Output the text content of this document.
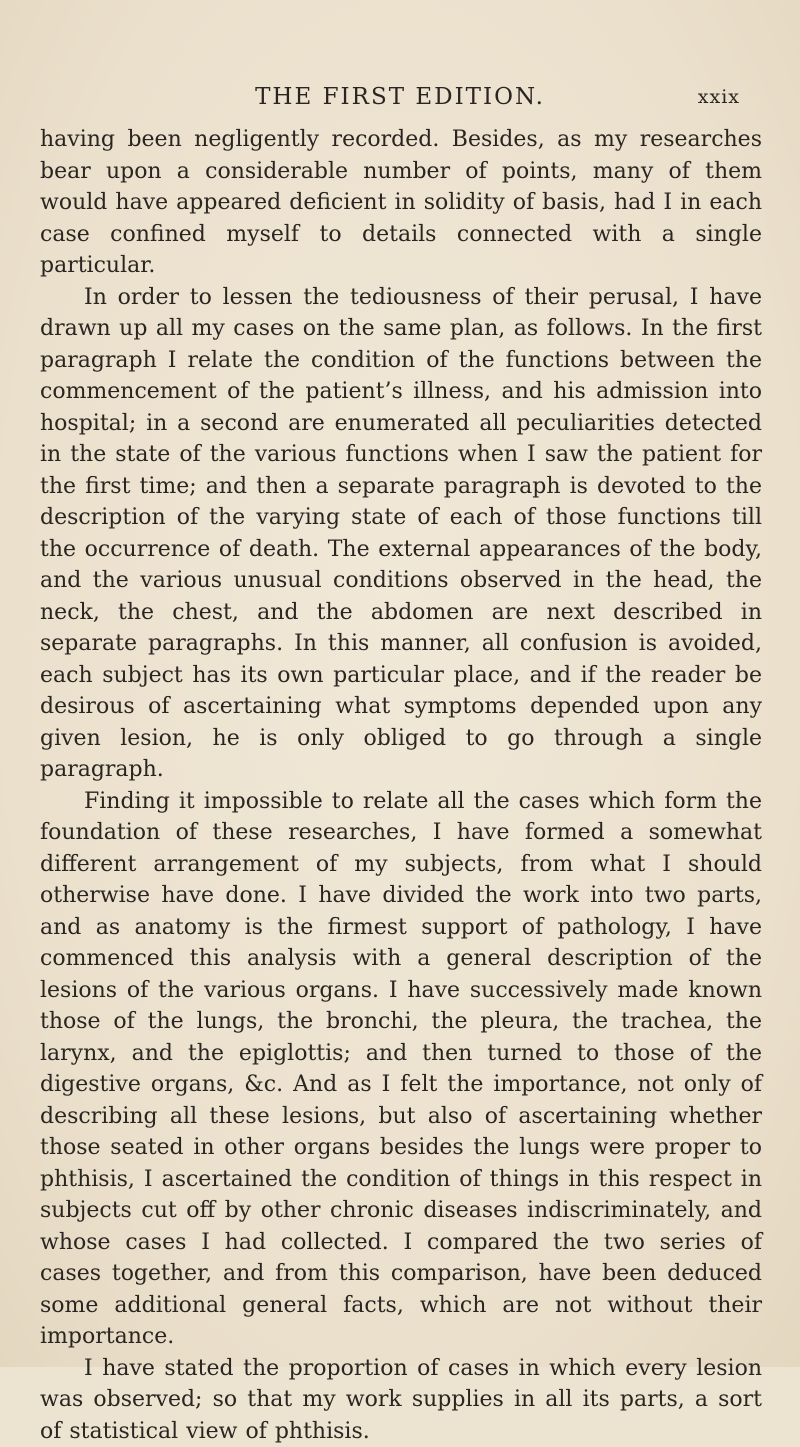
THE FIRST EDITION.	xxix

having been negligently recorded. Besides, as my researches bear upon a considerable number of points, many of them would have appeared deficient in solidity of basis, had I in each case confined myself to details connected with a single particular.

In order to lessen the tediousness of their perusal, I have drawn up all my cases on the same plan, as follows. In the first paragraph I relate the condition of the functions between the commencement of the patient’s illness, and his admission into hospital; in a second are enumerated all peculiarities detected in the state of the various functions when I saw the patient for the first time; and then a separate paragraph is devoted to the description of the varying state of each of those functions till the occurrence of death. The external appearances of the body, and the various unusual conditions observed in the head, the neck, the chest, and the abdomen are next described in separate paragraphs. In this manner, all confusion is avoided, each subject has its own particular place, and if the reader be desirous of ascertaining what symptoms depended upon any given lesion, he is only obliged to go through a single paragraph.

Finding it impossible to relate all the cases which form the foundation of these researches, I have formed a somewhat different arrangement of my subjects, from what I should otherwise have done. I have divided the work into two parts, and as anatomy is the firmest support of pathology, I have commenced this analysis with a general description of the lesions of the various organs. I have successively made known those of the lungs, the bronchi, the pleura, the trachea, the larynx, and the epiglottis; and then turned to those of the digestive organs, &c. And as I felt the importance, not only of describing all these lesions, but also of ascertaining whether those seated in other organs besides the lungs were proper to phthisis, I ascertained the condition of things in this respect in subjects cut off by other chronic diseases indiscriminately, and whose cases I had collected. I compared the two series of cases together, and from this comparison, have been deduced some additional general facts, which are not without their importance.

I have stated the proportion of cases in which every lesion was observed; so that my work supplies in all its parts, a sort of statistical view of phthisis.
